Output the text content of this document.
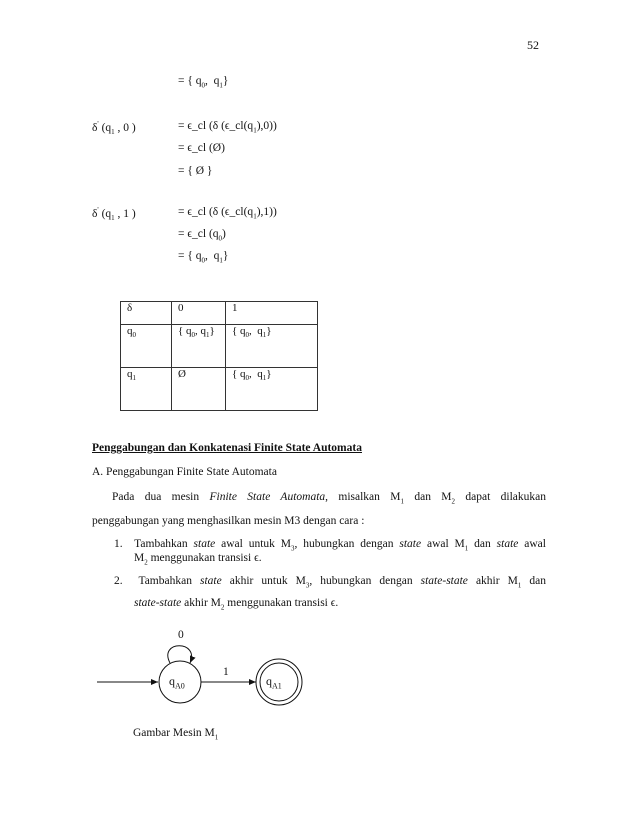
52
= { $q_0$,  $q_1$}
δ' ($q_1$ , 0 )	= ϵ_cl (δ $(\epsilon\_cl(q_1),0)$)
= ϵ_cl (Ø)
= { Ø }
δ' ($q_1$ , 1 )	= ϵ_cl (δ $(\epsilon\_cl(q_1),1)$)
= ϵ_cl $(q_0)$
= { $q_0$,  $q_1$}
δ	0	1
$q_0$	{ $q_0$, $q_1$}	{ $q_0$,  $q_1$}
$q_1$	Ø	{ $q_0$,  $q_1$}
Penggabungan dan Konkatenasi Finite State Automata
A. Penggabungan Finite State Automata
Pada dua mesin Finite State Automata, misalkan $M_1$ dan $M_2$ dapat dilakukan
penggabungan yang menghasilkan mesin M3 dengan cara :
1.  Tambahkan state awal untuk $M_3$, hubungkan dengan state awal $M_1$ dan state awal
$M_2$ menggunakan transisi ϵ.
2.  Tambahkan state akhir untuk $M_3$, hubungkan dengan state-state akhir $M_1$ dan
state-state akhir $M_2$ menggunakan transisi ϵ.
0
1
$q_{A0}$	$q_{A1}$
Gambar Mesin $M_1$
